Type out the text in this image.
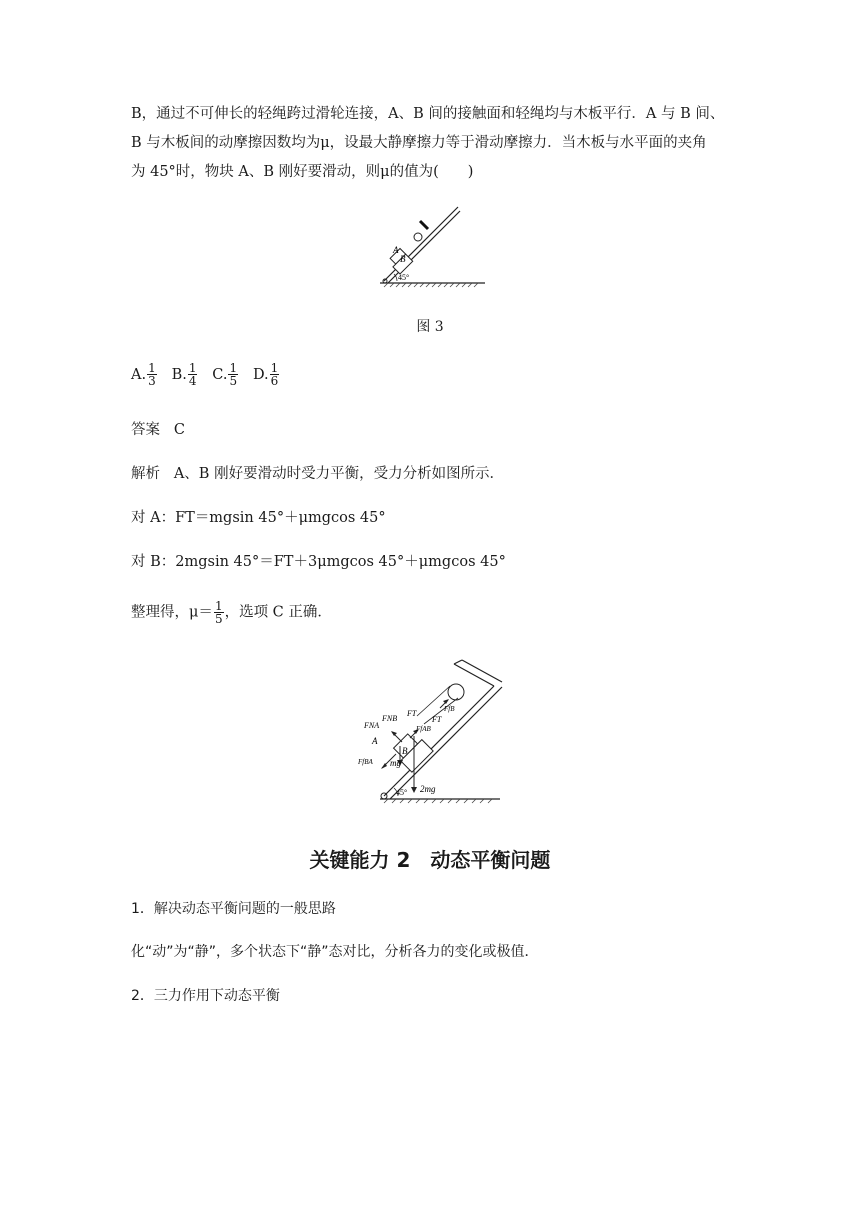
B，通过不可伸长的轻绳跨过滑轮连接，A、B 间的接触面和轻绳均与木板平行．A 与 B 间、
B 与木板间的动摩擦因数均为μ，设最大静摩擦力等于滑动摩擦力．当木板与水平面的夹角
为 45°时，物块 A、B 刚好要滑动，则μ的值为(　　)
A
B
45°
图 3
A. $\frac{1}{3} B$. $\frac{1}{4} C$. $\frac{1}{5} D$. $\frac{1}{6}$
答案 C
解析 A、B 刚好要滑动时受力平衡，受力分析如图所示．
对 A：FT＝mgsin 45°＋μmgcos 45°
对 B：2mgsin 45°＝FT＋3μmgcos 45°＋μmgcos 45°
整理得，$\mu= \frac{1}{5}$ ，选项 C 正确．
FNB
FNA
FT
FT
FfB
FfAB
FfBA
A
B
mg
2mg
45°
关键能力 2　动态平衡问题
1．解决动态平衡问题的一般思路
化“动”为“静”，多个状态下“静”态对比，分析各力的变化或极值．
2．三力作用下动态平衡
